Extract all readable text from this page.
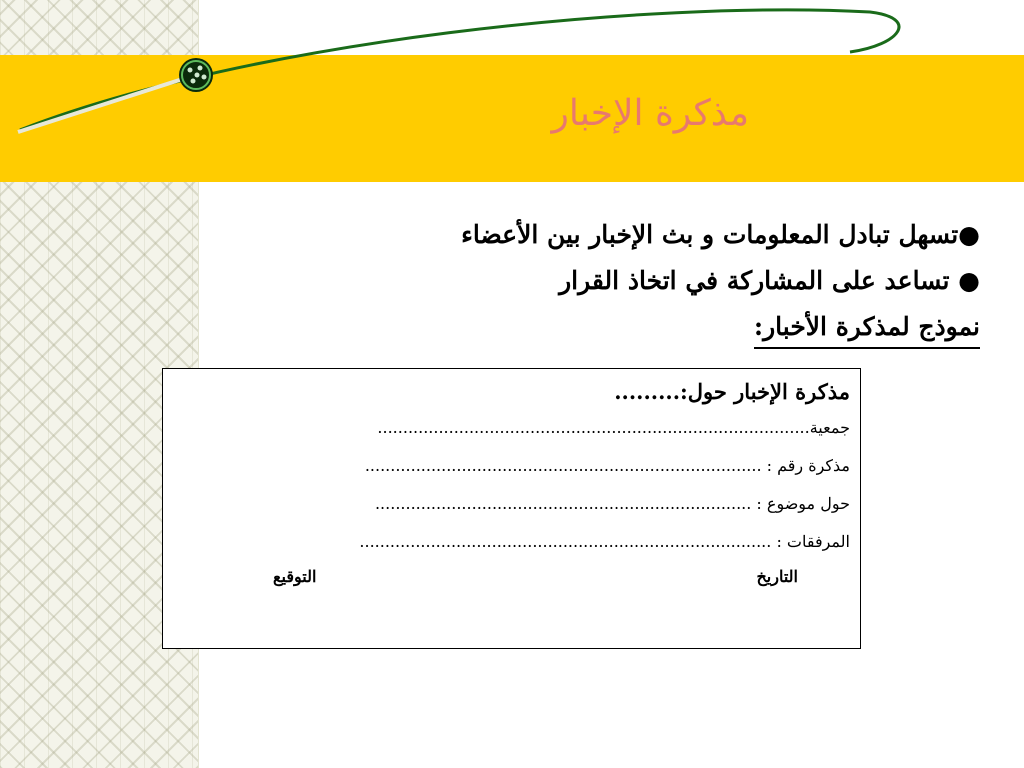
مذكرة الإخبار
●تسهل تبادل المعلومات و بث الإخبار بين الأعضاء
● تساعد على المشاركة في اتخاذ القرار
نموذج لمذكرة الأخبار:
مذكرة الإخبار حول:.........
جمعية.....................................................................................
مذكرة رقم : ..............................................................................
حول موضوع : ..........................................................................
المرفقات : .................................................................................
التاريخ
التوقيع
